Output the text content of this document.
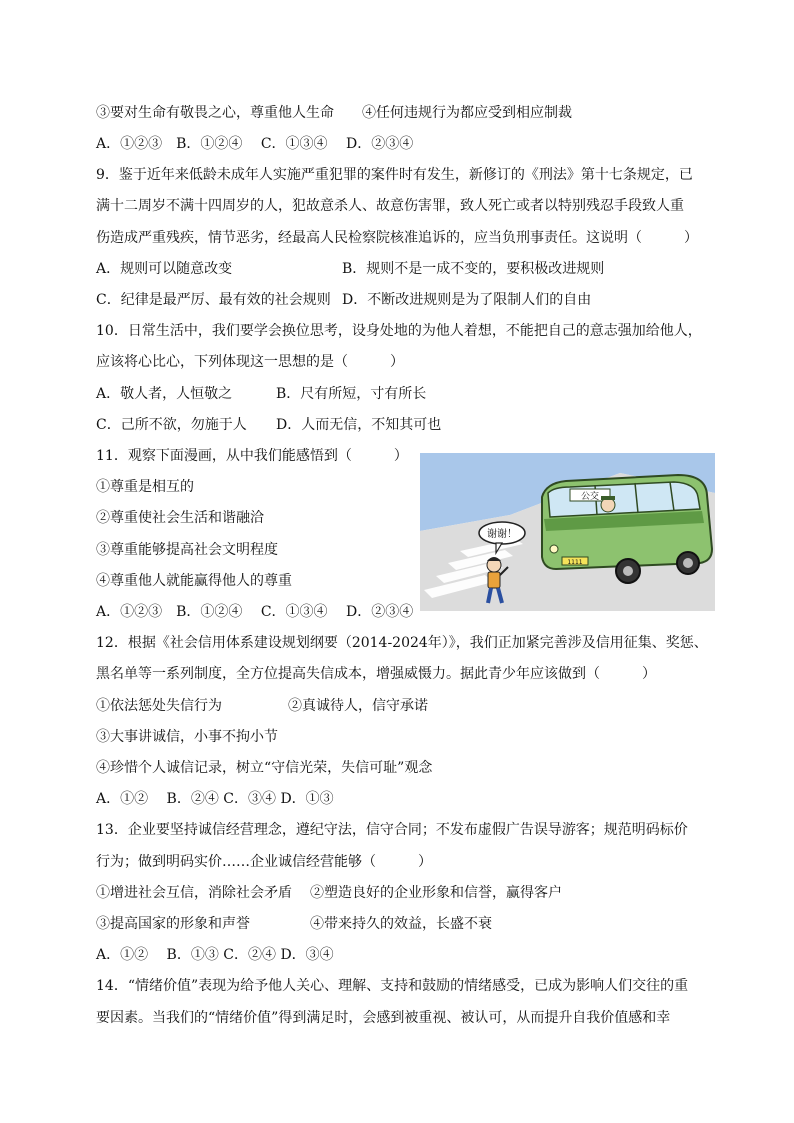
③要对生命有敬畏之心，尊重他人生命　　④任何违规行为都应受到相应制裁
A．①②③　B．①②④　 C．①③④　 D．②③④
9．鉴于近年来低龄未成年人实施严重犯罪的案件时有发生，新修订的《刑法》第十七条规定，已
满十二周岁不满十四周岁的人，犯故意杀人、故意伤害罪，致人死亡或者以特别残忍手段致人重
伤造成严重残疾，情节恶劣，经最高人民检察院核准追诉的，应当负刑事责任。这说明（　　　）
A．规则可以随意改变	B．规则不是一成不变的，要积极改进规则
C．纪律是最严厉、最有效的社会规则 D．不断改进规则是为了限制人们的自由
10．日常生活中，我们要学会换位思考，设身处地的为他人着想，不能把自己的意志强加给他人，
应该将心比心，下列体现这一思想的是（　　　）
A．敬人者，人恒敬之	B．尺有所短，寸有所长
C．己所不欲，勿施于人 D．人而无信，不知其可也
11．观察下面漫画，从中我们能感悟到（　　　）
①尊重是相互的
②尊重使社会生活和谐融洽
③尊重能够提高社会文明程度
④尊重他人就能赢得他人的尊重
A．①②③　B．①②④　 C．①③④　 D．②③④
公交
1111
谢谢！
12．根据《社会信用体系建设规划纲要（2014-2024年）》，我们正加紧完善涉及信用征集、奖惩、
黑名单等一系列制度，全方位提高失信成本，增强威慑力。据此青少年应该做到（　　　）
①依法惩处失信行为	②真诚待人，信守承诺
③大事讲诚信，小事不拘小节
④珍惜个人诚信记录，树立“守信光荣，失信可耻”观念
A．①②　 B．②④ C．③④ D．①③
13．企业要坚持诚信经营理念，遵纪守法，信守合同；不发布虚假广告误导游客；规范明码标价
行为；做到明码实价……企业诚信经营能够（　　　）
①增进社会互信，消除社会矛盾 ②塑造良好的企业形象和信誉，赢得客户
③提高国家的形象和声誉	④带来持久的效益，长盛不衰
A．①②　 B．①③ C．②④ D．③④
14．“情绪价值”表现为给予他人关心、理解、支持和鼓励的情绪感受，已成为影响人们交往的重
要因素。当我们的“情绪价值”得到满足时，会感到被重视、被认可，从而提升自我价值感和幸
